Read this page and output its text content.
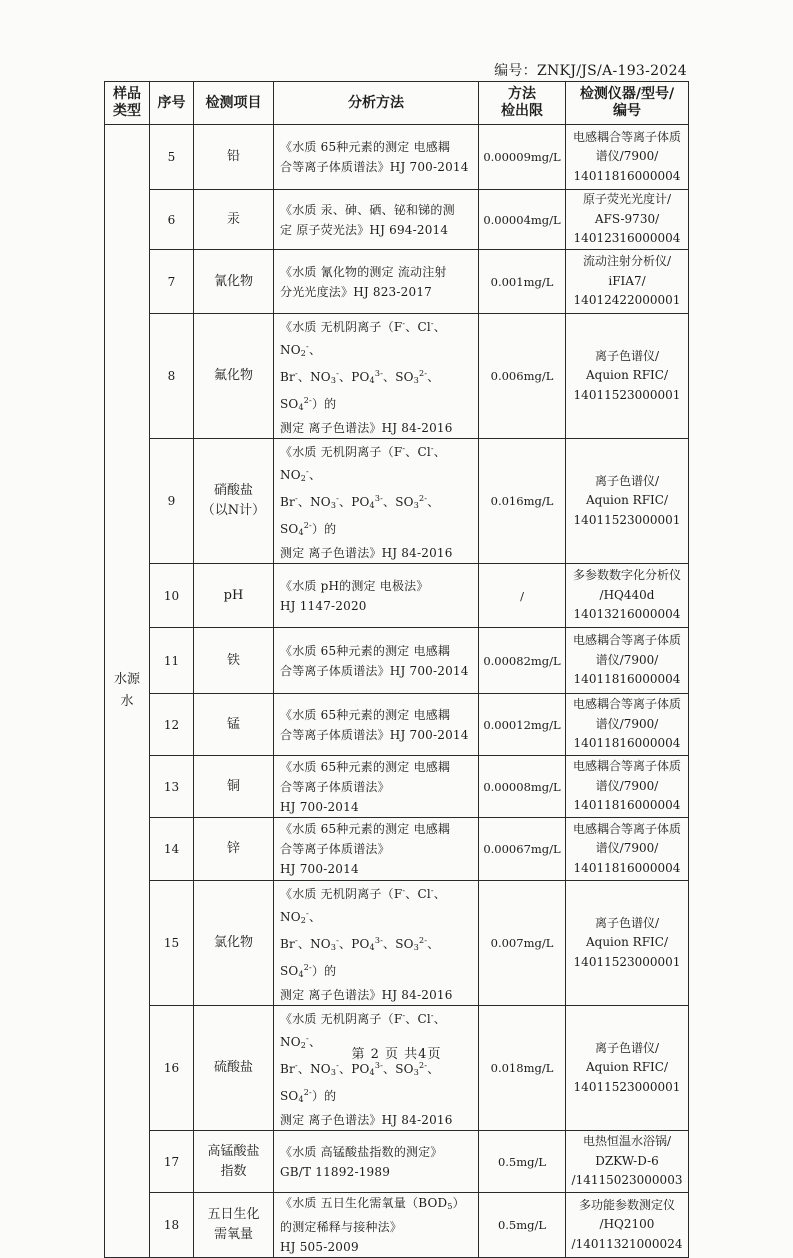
编号：ZNKJ/JS/A-193-2024
样品
类型	序号	检测项目	分析方法	方法
检出限	检测仪器/型号/
编号

水源
水	5	铅	《水质 65种元素的测定 电感耦
合等离子体质谱法》HJ 700-2014	0.00009mg/L	电感耦合等离子体质
谱仪/7900/
14011816000004

	6	汞	《水质 汞、砷、硒、铋和锑的测
定 原子荧光法》HJ 694-2014	0.00004mg/L	原子荧光光度计/
AFS-9730/
14012316000004

	7	氰化物	《水质 氰化物的测定 流动注射
分光光度法》HJ 823-2017	0.001mg/L	流动注射分析仪/
iFIA7/
14012422000001

	8	氟化物	《水质 无机阴离子（F-、Cl-、$NO_2^-$、
Br-、$NO_3^-$、$PO_4^{3-}$、$SO_3^{2-}$、$SO_4^{2-}$）的
测定 离子色谱法》HJ 84-2016	0.006mg/L	离子色谱仪/
Aquion RFIC/
14011523000001

	9	硝酸盐
（以N计）	《水质 无机阴离子（F-、Cl-、$NO_2^-$、
Br-、$NO_3^-$、$PO_4^{3-}$、$SO_3^{2-}$、$SO_4^{2-}$）的
测定 离子色谱法》HJ 84-2016	0.016mg/L	离子色谱仪/
Aquion RFIC/
14011523000001

	10	pH	《水质 pH的测定 电极法》
HJ 1147-2020	/	多参数数字化分析仪
/HQ440d
14013216000004

	11	铁	《水质 65种元素的测定 电感耦
合等离子体质谱法》HJ 700-2014	0.00082mg/L	电感耦合等离子体质
谱仪/7900/
14011816000004

	12	锰	《水质 65种元素的测定 电感耦
合等离子体质谱法》HJ 700-2014	0.00012mg/L	电感耦合等离子体质
谱仪/7900/
14011816000004

	13	铜	《水质 65种元素的测定 电感耦
合等离子体质谱法》
HJ 700-2014	0.00008mg/L	电感耦合等离子体质
谱仪/7900/
14011816000004

	14	锌	《水质 65种元素的测定 电感耦
合等离子体质谱法》
HJ 700-2014	0.00067mg/L	电感耦合等离子体质
谱仪/7900/
14011816000004

	15	氯化物	《水质 无机阴离子（F-、Cl-、$NO_2^-$、
Br-、$NO_3^-$、$PO_4^{3-}$、$SO_3^{2-}$、$SO_4^{2-}$）的
测定 离子色谱法》HJ 84-2016	0.007mg/L	离子色谱仪/
Aquion RFIC/
14011523000001

	16	硫酸盐	《水质 无机阴离子（F-、Cl-、$NO_2^-$、
Br-、$NO_3^-$、$PO_4^{3-}$、$SO_3^{2-}$、$SO_4^{2-}$）的
测定 离子色谱法》HJ 84-2016	0.018mg/L	离子色谱仪/
Aquion RFIC/
14011523000001

	17	高锰酸盐
指数	《水质 高锰酸盐指数的测定》
GB/T 11892-1989	0.5mg/L	电热恒温水浴锅/
DZKW-D-6
/14115023000003

	18	五日生化
需氧量	《水质 五日生化需氧量$(BOD_5)$
的测定稀释与接种法》
HJ 505-2009	0.5mg/L	多功能参数测定仪
/HQ2100
/14011321000024
第 2 页 共4页
